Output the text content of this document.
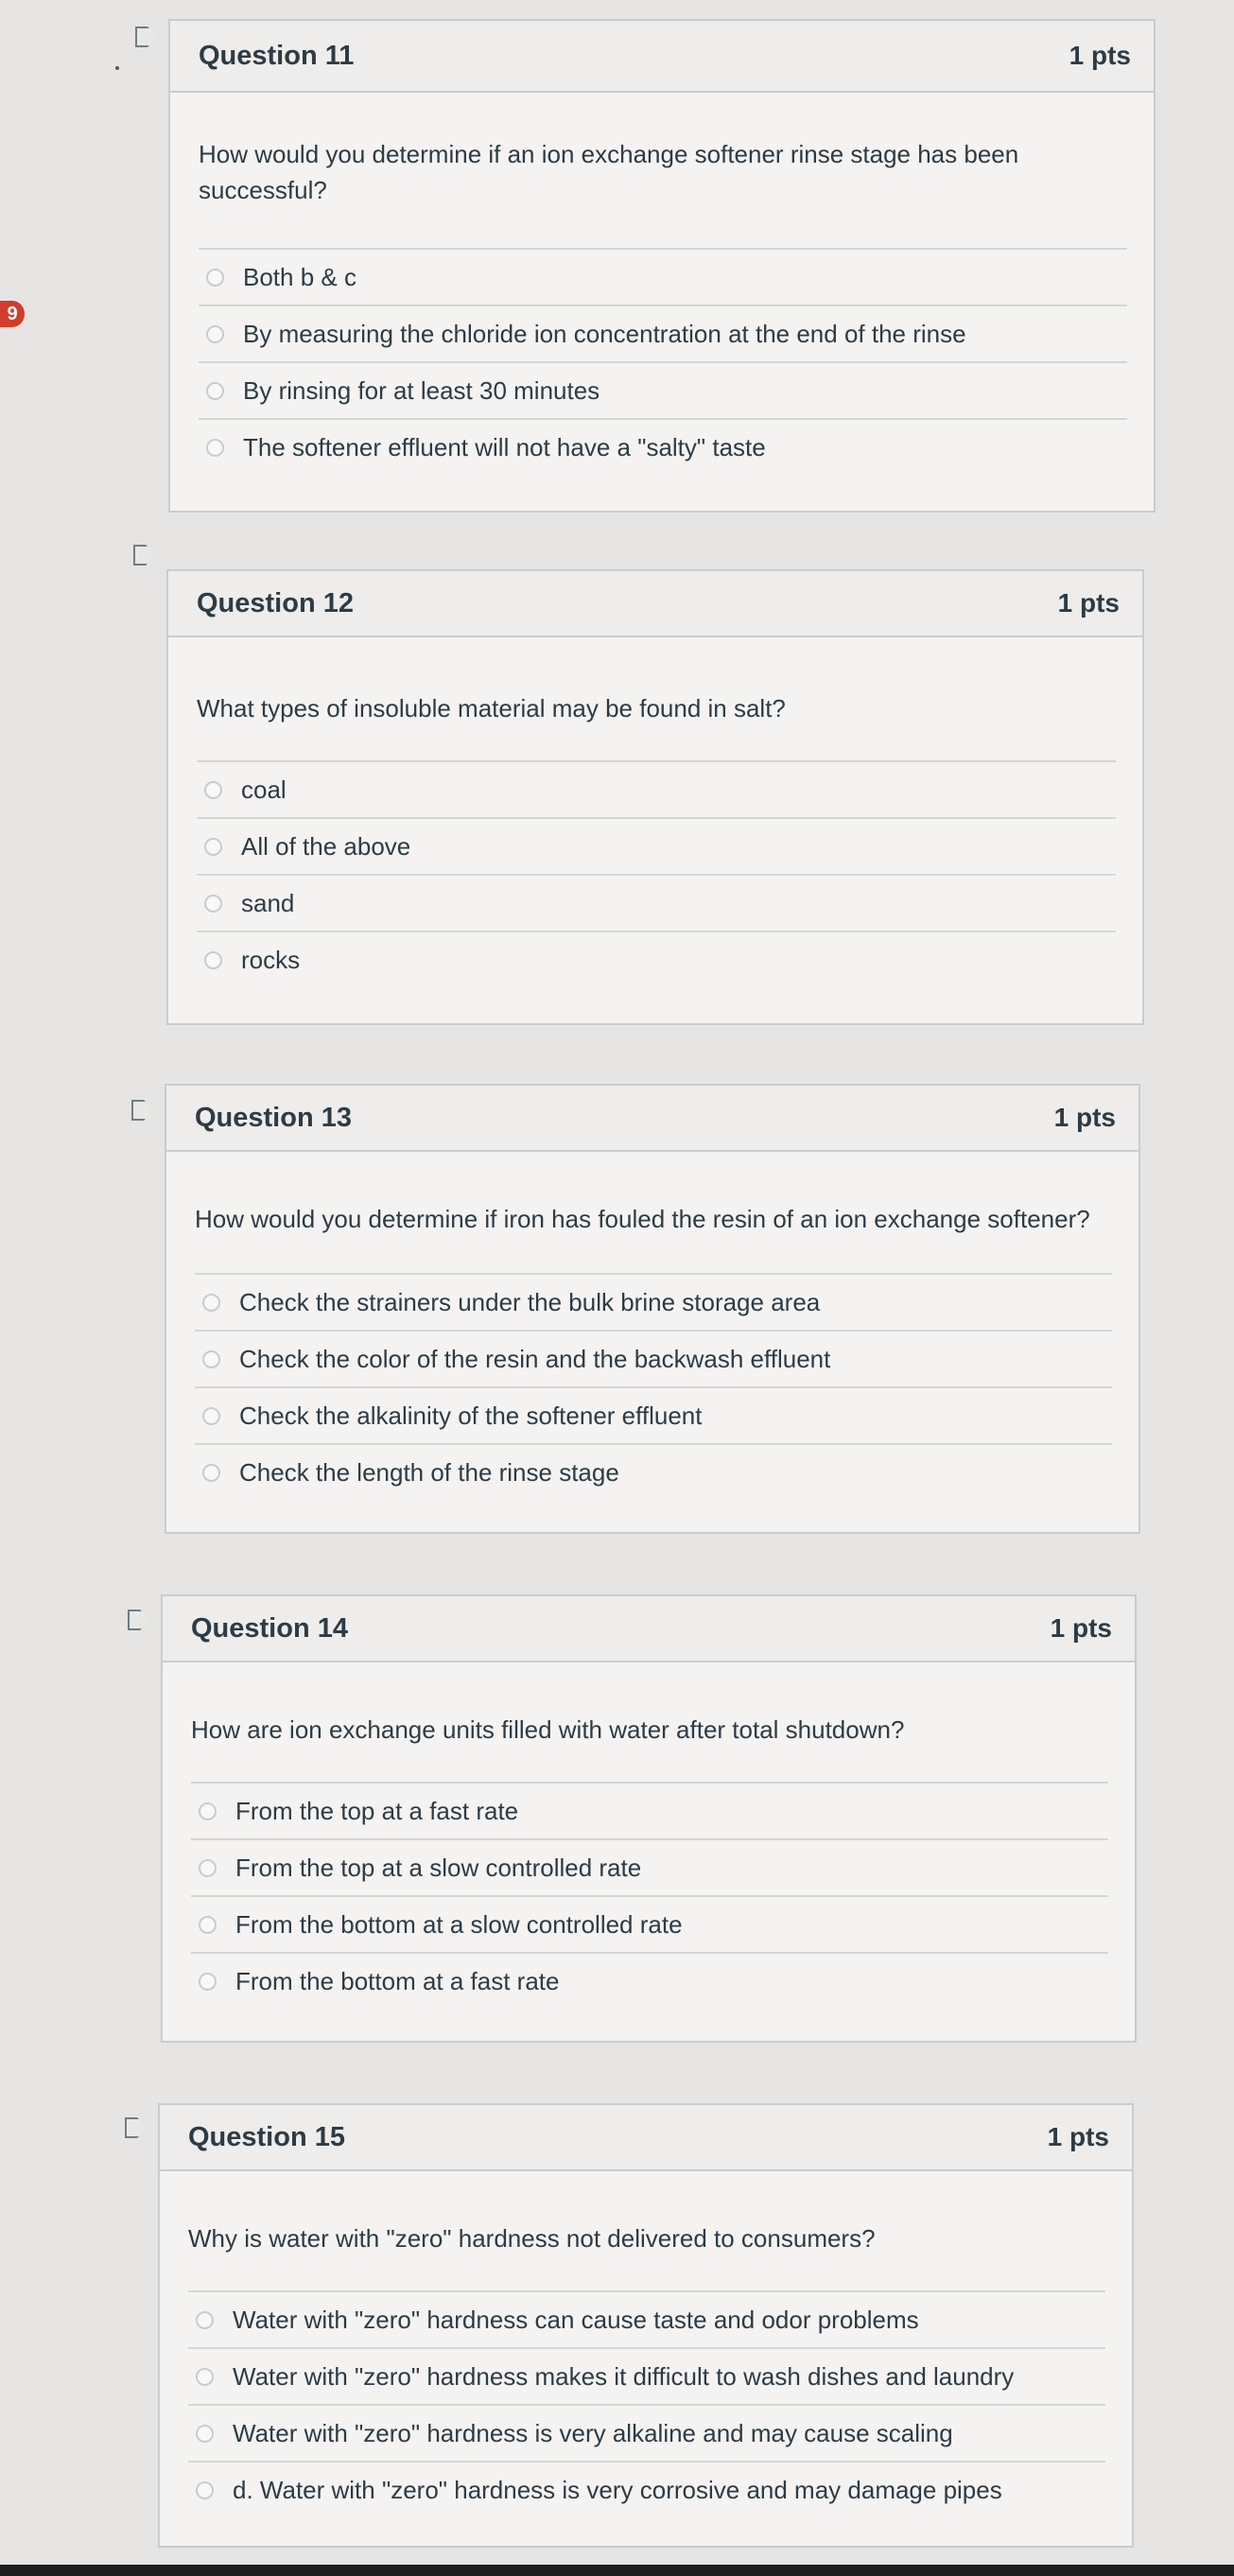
9
Question 11	1 pts
How would you determine if an ion exchange softener rinse stage has been successful?
Both b & c
By measuring the chloride ion concentration at the end of the rinse
By rinsing for at least 30 minutes
The softener effluent will not have a "salty" taste
Question 12	1 pts
What types of insoluble material may be found in salt?
coal
All of the above
sand
rocks
Question 13	1 pts
How would you determine if iron has fouled the resin of an ion exchange softener?
Check the strainers under the bulk brine storage area
Check the color of the resin and the backwash effluent
Check the alkalinity of the softener effluent
Check the length of the rinse stage
Question 14	1 pts
How are ion exchange units filled with water after total shutdown?
From the top at a fast rate
From the top at a slow controlled rate
From the bottom at a slow controlled rate
From the bottom at a fast rate
Question 15	1 pts
Why is water with "zero" hardness not delivered to consumers?
Water with "zero" hardness can cause taste and odor problems
Water with "zero" hardness makes it difficult to wash dishes and laundry
Water with "zero" hardness is very alkaline and may cause scaling
d. Water with "zero" hardness is very corrosive and may damage pipes
